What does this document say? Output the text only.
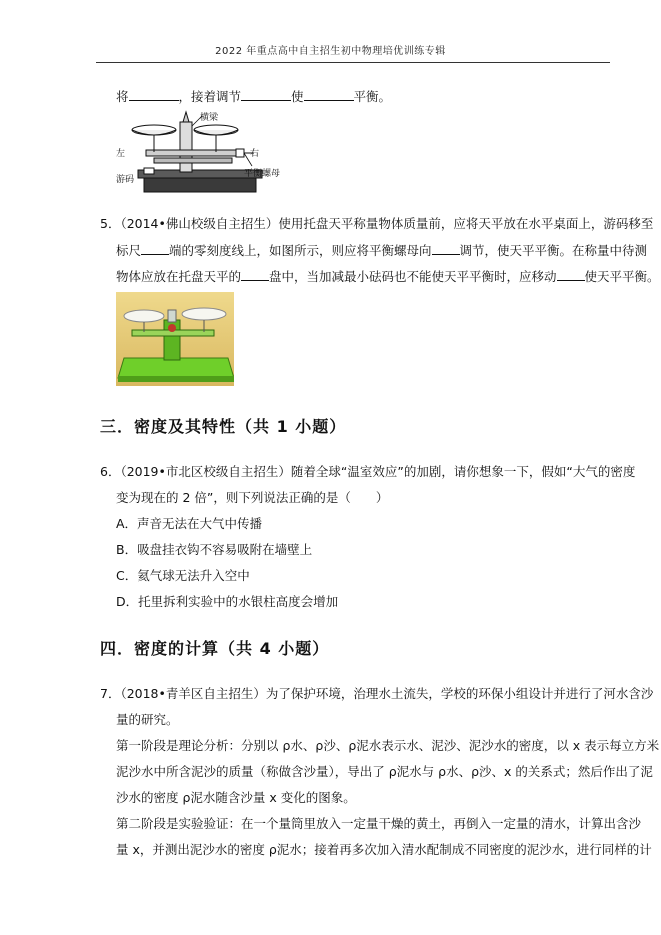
2022 年重点高中自主招生初中物理培优训练专辑
将	，接着调节	使	平衡。
横梁
左	右
游码
平衡螺母
5．（2014•佛山校级自主招生）使用托盘天平称量物体质量前，应将天平放在水平桌面上，游码移至
标尺 端的零刻度线上，如图所示，则应将平衡螺母向 调节，使天平平衡。在称量中待测
物体应放在托盘天平的 盘中，当加减最小砝码也不能使天平平衡时，应移动 使天平平衡。
三．密度及其特性（共 1 小题）
6．（2019•市北区校级自主招生）随着全球“温室效应”的加剧，请你想象一下，假如“大气的密度
变为现在的 2 倍”，则下列说法正确的是（　　）
A．声音无法在大气中传播
B．吸盘挂衣钩不容易吸附在墙壁上
C．氦气球无法升入空中
D．托里拆利实验中的水银柱高度会增加
四．密度的计算（共 4 小题）
7．（2018•青羊区自主招生）为了保护环境，治理水土流失，学校的环保小组设计并进行了河水含沙
量的研究。
第一阶段是理论分析：分别以 ρ水、ρ沙、ρ泥水表示水、泥沙、泥沙水的密度，以 x 表示每立方米
泥沙水中所含泥沙的质量（称做含沙量），导出了 ρ泥水与 ρ水、ρ沙、x 的关系式；然后作出了泥
沙水的密度 ρ泥水随含沙量 x 变化的图象。
第二阶段是实验验证：在一个量筒里放入一定量干燥的黄土，再倒入一定量的清水，计算出含沙
量 x，并测出泥沙水的密度 ρ泥水；接着再多次加入清水配制成不同密度的泥沙水，进行同样的计
